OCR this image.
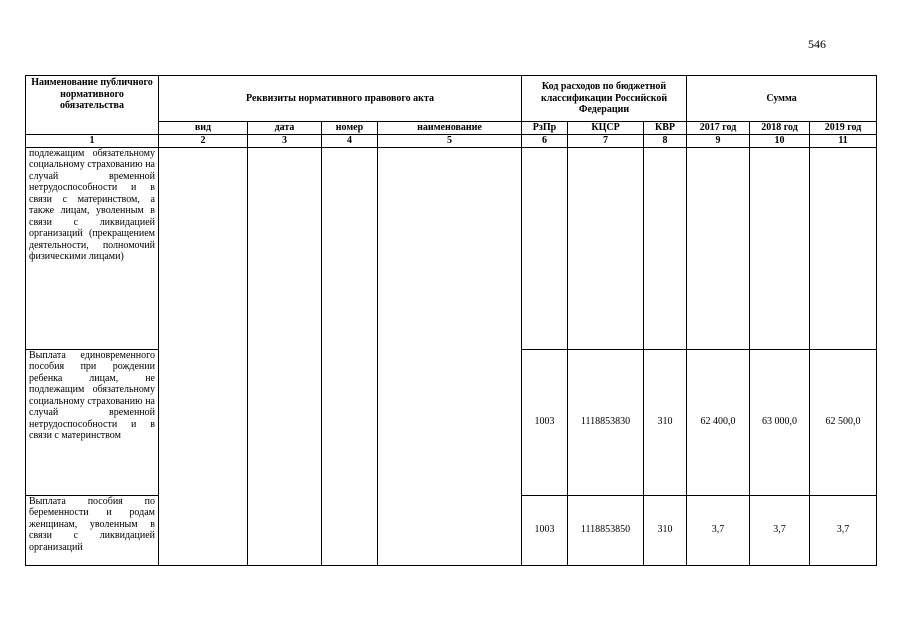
546
Наименование публичного нормативного обязательства	Реквизиты нормативного правового акта				Код расходов по бюджетной классификации Российской Федерации			Сумма		
	вид	дата	номер	наименование	РзПр	КЦСР	КВР	2017 год	2018 год	2019 год
1	2	3	4	5	6	7	8	9	10	11
подлежащим обязательному социальному страхованию на случай временной нетрудоспособности и в связи с материнством, а также лицам, уволенным в связи с ликвидацией организаций (прекращением деятельности, полномочий физическими лицами)										
Выплата единовременного пособия при рождении ребенка лицам, не подлежащим обязательному социальному страхованию на случай временной нетрудоспособности и в связи с материнством					1003	1118853830	310	62 400,0	63 000,0	62 500,0
Выплата пособия по беременности и родам женщинам, уволенным в связи с ликвидацией организаций					1003	1118853850	310	3,7	3,7	3,7
